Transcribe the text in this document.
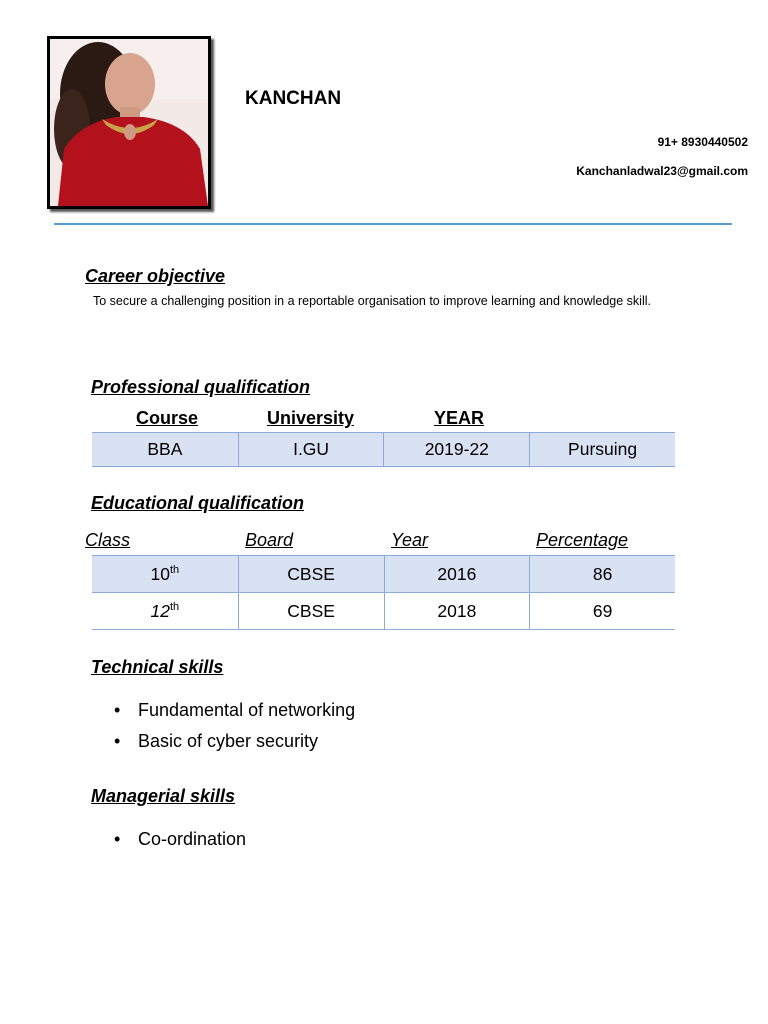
KANCHAN
91+ 8930440502
Kanchanladwal23@gmail.com
Career objective
To secure a challenging position in a reportable organisation to improve learning and knowledge skill.
Professional qualification
Course	University	YEAR
BBA	I.GU	2019-22	Pursuing
Educational qualification
Class	Board	Year	Percentage
10th	CBSE	2016	86
12th	CBSE	2018	69
Technical skills
• Fundamental of networking
• Basic of cyber security
Managerial skills
• Co-ordination
